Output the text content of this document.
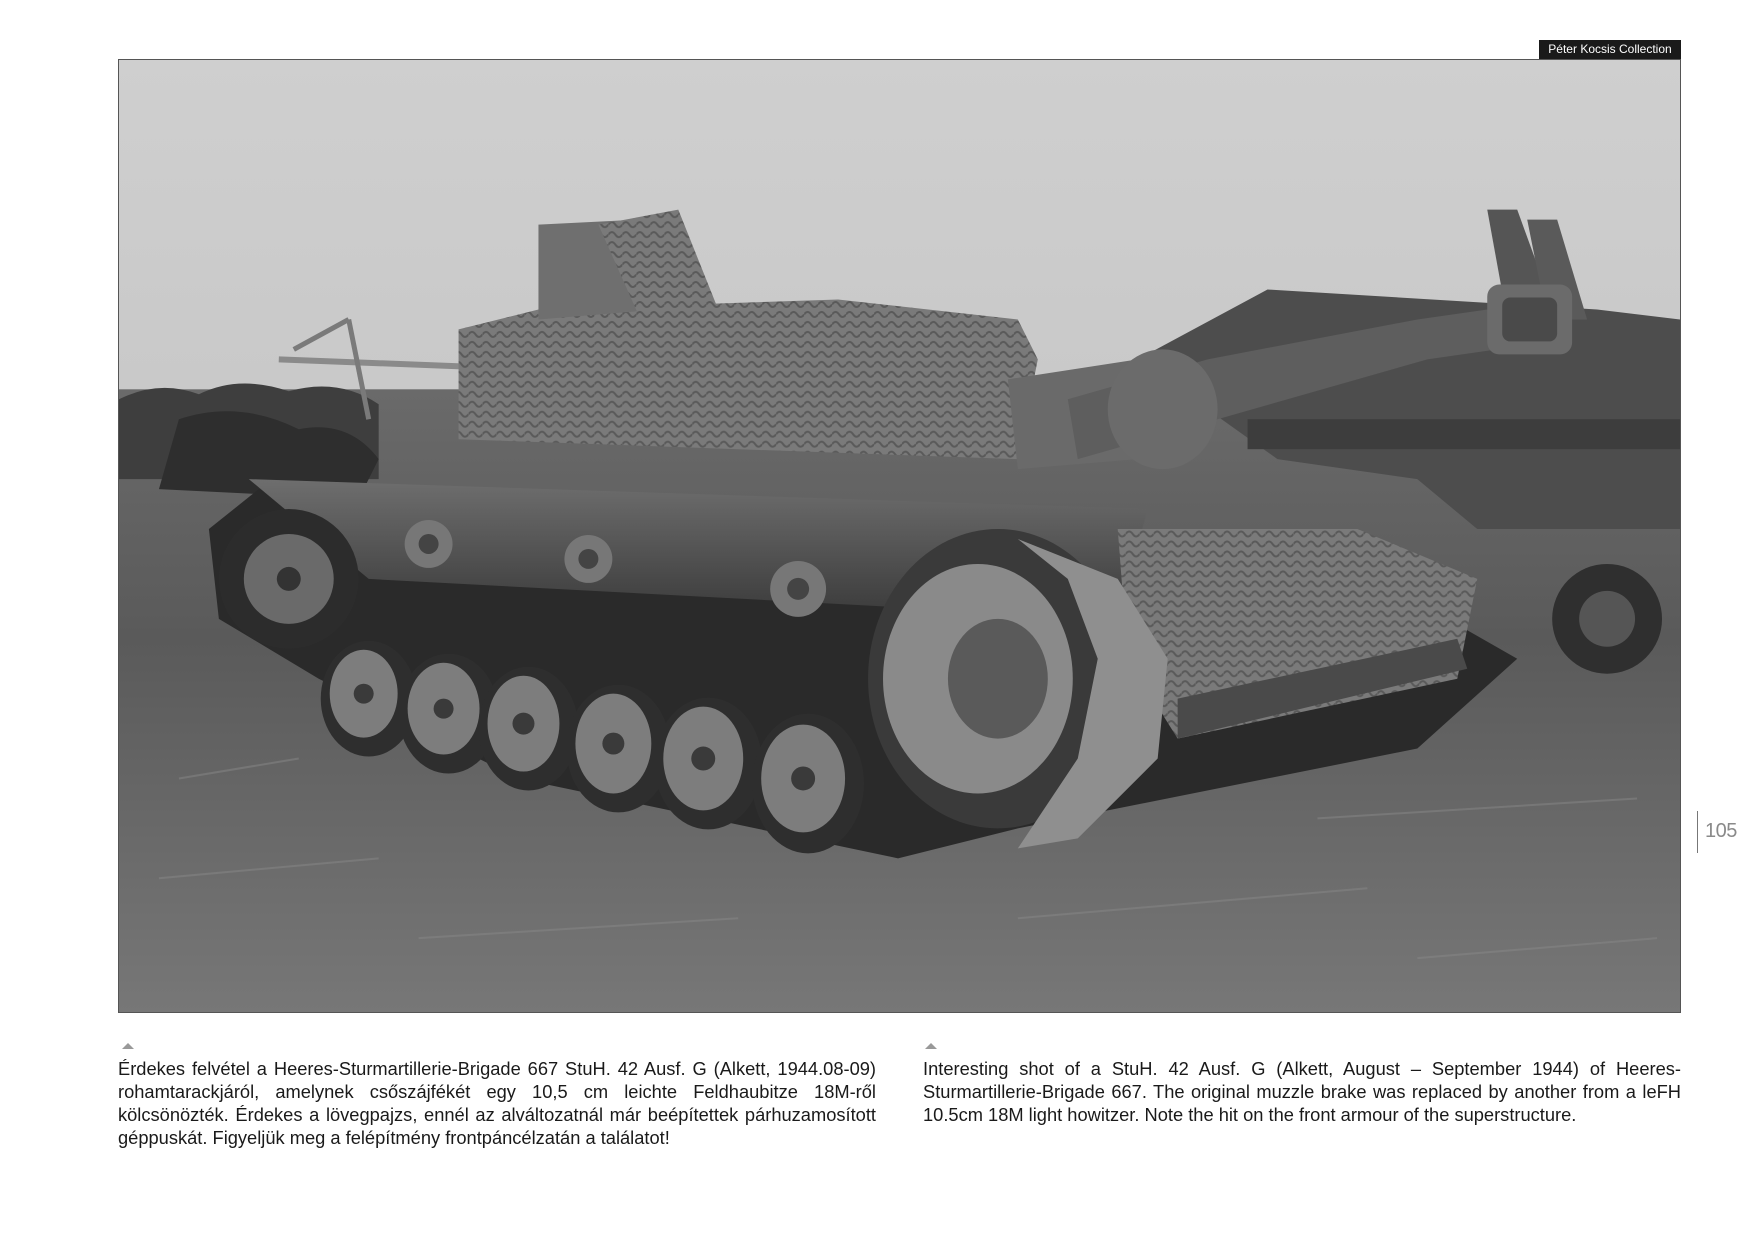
Péter Kocsis Collection
105

Érdekes felvétel a Heeres-Sturmartillerie-Brigade 667 StuH. 42 Ausf. G (Alkett, 1944.08-09) rohamtarackjáról, amelynek csőszájfékét egy 10,5 cm leichte Feldhaubitze 18M-ről kölcsönözték. Érdekes a lövegpajzs, ennél az alváltozatnál már beépítettek párhuzamosított géppuskát. Figyeljük meg a felépítmény frontpáncélzatán a találatot!

Interesting shot of a StuH. 42 Ausf. G (Alkett, August – September 1944) of Heeres-Sturmartillerie-Brigade 667. The original muzzle brake was replaced by another from a leFH 10.5cm 18M light howitzer. Note the hit on the front armour of the superstructure.
